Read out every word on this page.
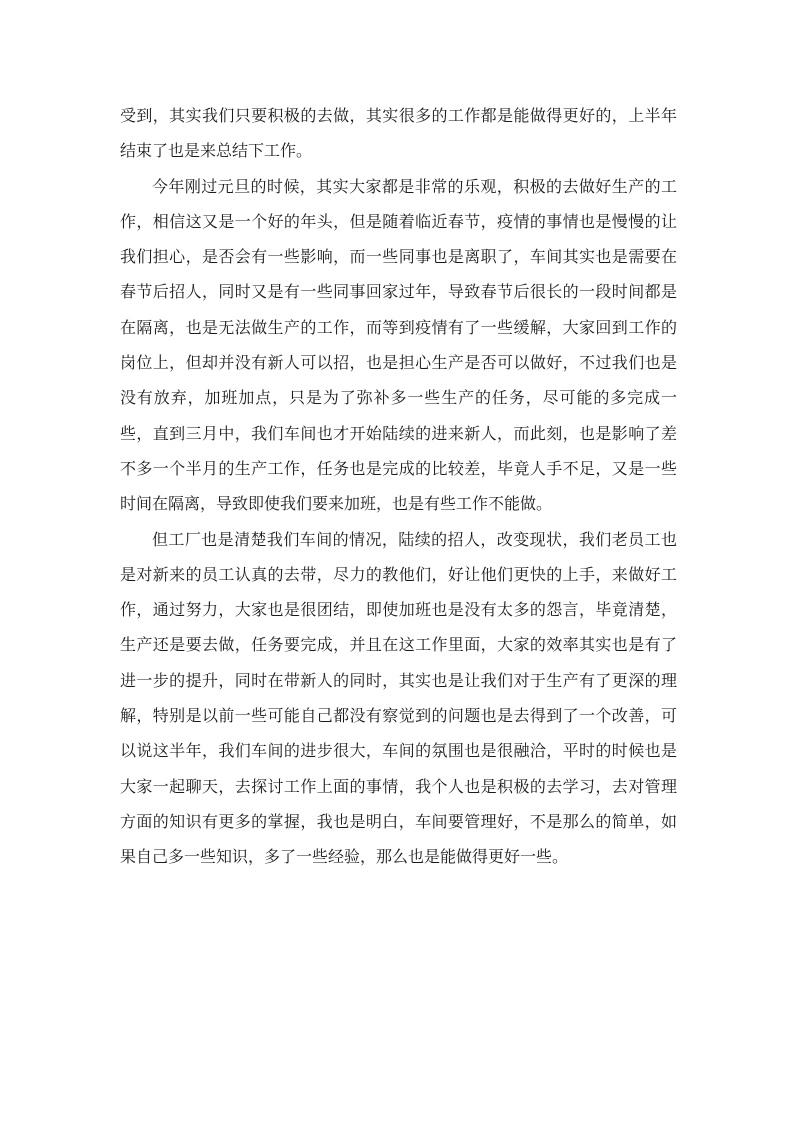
受到，其实我们只要积极的去做，其实很多的工作都是能做得更好的，上半年结束了也是来总结下工作。

今年刚过元旦的时候，其实大家都是非常的乐观，积极的去做好生产的工作，相信这又是一个好的年头，但是随着临近春节，疫情的事情也是慢慢的让我们担心，是否会有一些影响，而一些同事也是离职了，车间其实也是需要在春节后招人，同时又是有一些同事回家过年，导致春节后很长的一段时间都是在隔离，也是无法做生产的工作，而等到疫情有了一些缓解，大家回到工作的岗位上，但却并没有新人可以招，也是担心生产是否可以做好，不过我们也是没有放弃，加班加点，只是为了弥补多一些生产的任务，尽可能的多完成一些，直到三月中，我们车间也才开始陆续的进来新人，而此刻，也是影响了差不多一个半月的生产工作，任务也是完成的比较差，毕竟人手不足，又是一些时间在隔离，导致即使我们要来加班，也是有些工作不能做。

但工厂也是清楚我们车间的情况，陆续的招人，改变现状，我们老员工也是对新来的员工认真的去带，尽力的教他们，好让他们更快的上手，来做好工作，通过努力，大家也是很团结，即使加班也是没有太多的怨言，毕竟清楚，生产还是要去做，任务要完成，并且在这工作里面，大家的效率其实也是有了进一步的提升，同时在带新人的同时，其实也是让我们对于生产有了更深的理解，特别是以前一些可能自己都没有察觉到的问题也是去得到了一个改善，可以说这半年，我们车间的进步很大，车间的氛围也是很融洽，平时的时候也是大家一起聊天，去探讨工作上面的事情，我个人也是积极的去学习，去对管理方面的知识有更多的掌握，我也是明白，车间要管理好，不是那么的简单，如果自己多一些知识，多了一些经验，那么也是能做得更好一些。
